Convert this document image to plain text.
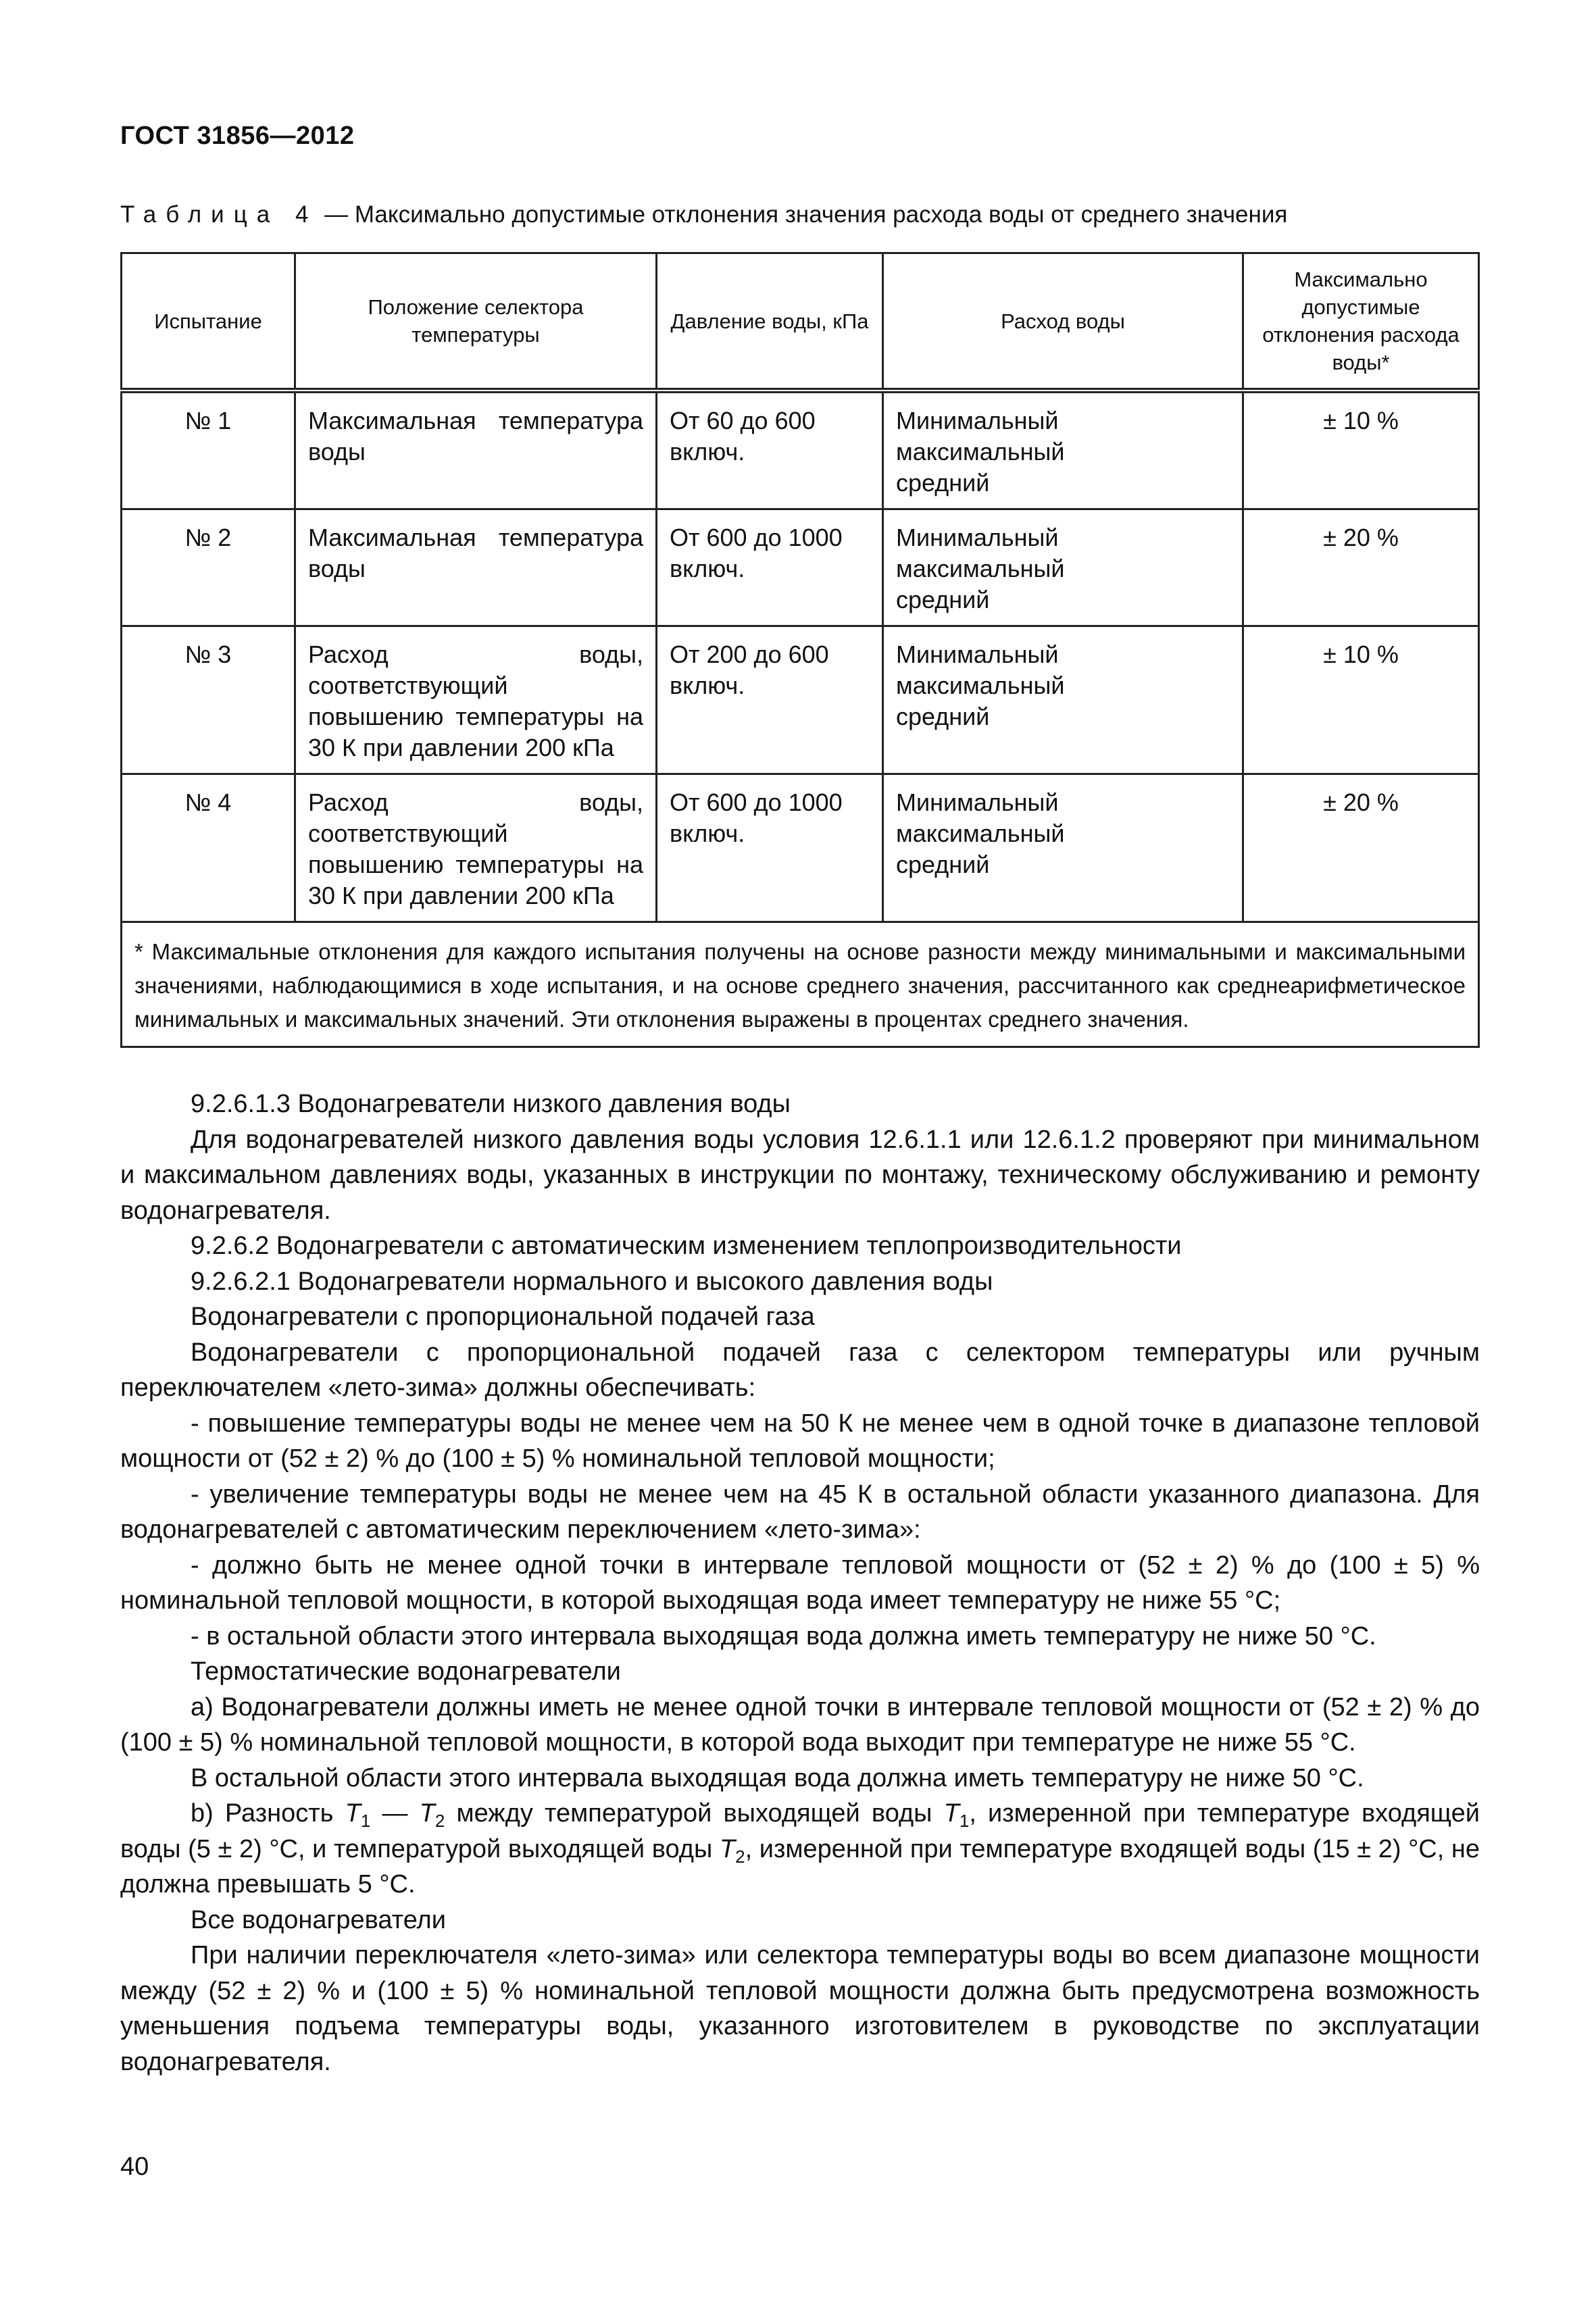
ГОСТ 31856—2012
Таблица 4 — Максимально допустимые отклонения значения расхода воды от среднего значения
Испытание	Положение селектора температуры	Давление воды, кПа	Расход воды	Максимально допустимые отклонения расхода воды*
№ 1	Максимальная температура воды	От 60 до 600 включ.	Минимальный
максимальный
средний	± 10 %
№ 2	Максимальная температура воды	От 600 до 1000 включ.	Минимальный
максимальный
средний	± 20 %
№ 3	Расход воды, соответствующий повышению температуры на 30 К при давлении 200 кПа	От 200 до 600 включ.	Минимальный
максимальный
средний	± 10 %
№ 4	Расход воды, соответствующий повышению температуры на 30 К при давлении 200 кПа	От 600 до 1000 включ.	Минимальный
максимальный
средний	± 20 %
* Максимальные отклонения для каждого испытания получены на основе разности между минимальными и максимальными значениями, наблюдающимися в ходе испытания, и на основе среднего значения, рассчитанного как среднеарифметическое минимальных и максимальных значений. Эти отклонения выражены в процентах среднего значения.				

9.2.6.1.3 Водонагреватели низкого давления воды

Для водонагревателей низкого давления воды условия 12.6.1.1 или 12.6.1.2 проверяют при минимальном и максимальном давлениях воды, указанных в инструкции по монтажу, техническому обслуживанию и ремонту водонагревателя.

9.2.6.2 Водонагреватели с автоматическим изменением теплопроизводительности

9.2.6.2.1 Водонагреватели нормального и высокого давления воды

Водонагреватели с пропорциональной подачей газа

Водонагреватели с пропорциональной подачей газа с селектором температуры или ручным переключателем «лето-зима» должны обеспечивать:

- повышение температуры воды не менее чем на 50 К не менее чем в одной точке в диапазоне тепловой мощности от (52 ± 2) % до (100 ± 5) % номинальной тепловой мощности;

- увеличение температуры воды не менее чем на 45 К в остальной области указанного диапазона. Для водонагревателей с автоматическим переключением «лето-зима»:

- должно быть не менее одной точки в интервале тепловой мощности от (52 ± 2) % до (100 ± 5) % номинальной тепловой мощности, в которой выходящая вода имеет температуру не ниже 55 °С;

- в остальной области этого интервала выходящая вода должна иметь температуру не ниже 50 °С.

Термостатические водонагреватели

а) Водонагреватели должны иметь не менее одной точки в интервале тепловой мощности от (52 ± 2) % до (100 ± 5) % номинальной тепловой мощности, в которой вода выходит при температуре не ниже 55 °С.

В остальной области этого интервала выходящая вода должна иметь температуру не ниже 50 °С.

b) Разность $T_1$ — $T_2$ между температурой выходящей воды $T_1$, измеренной при температуре входящей воды (5 ± 2) °С, и температурой выходящей воды $T_2$, измеренной при температуре входящей воды (15 ± 2) °С, не должна превышать 5 °С.

Все водонагреватели

При наличии переключателя «лето-зима» или селектора температуры воды во всем диапазоне мощности между (52 ± 2) % и (100 ± 5) % номинальной тепловой мощности должна быть предусмотрена возможность уменьшения подъема температуры воды, указанного изготовителем в руководстве по эксплуатации водонагревателя.

40
